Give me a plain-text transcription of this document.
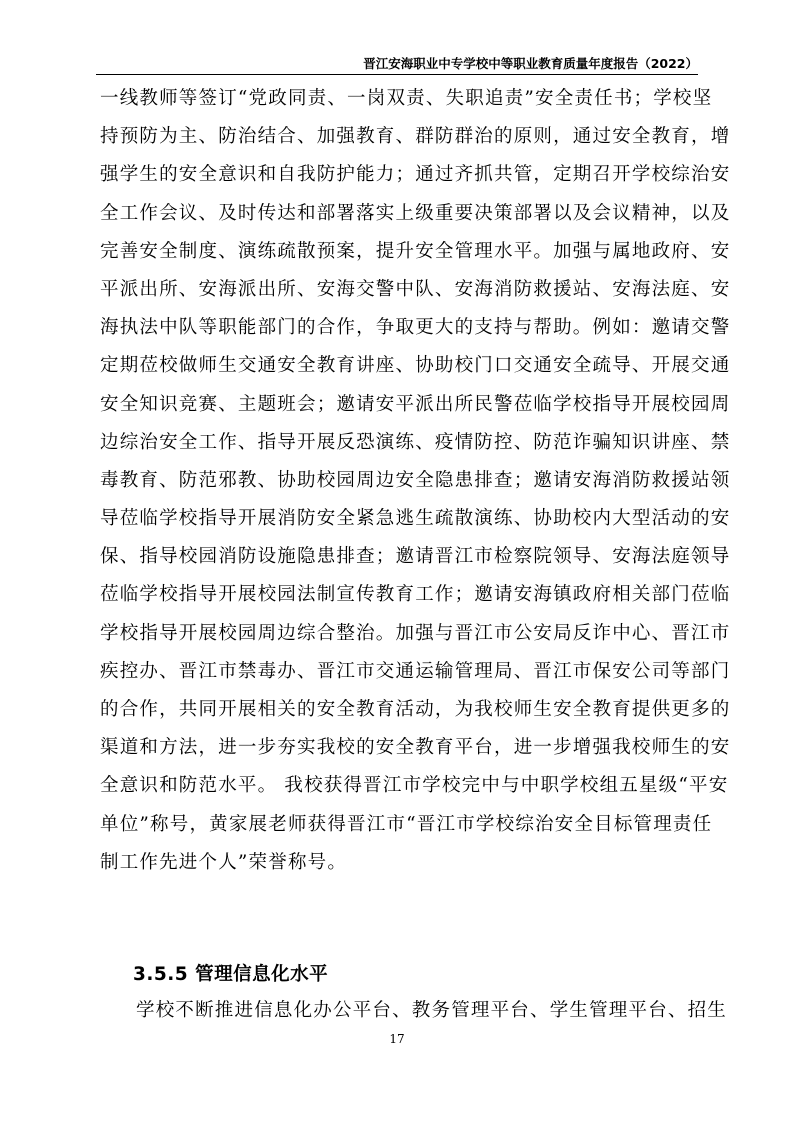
晋江安海职业中专学校中等职业教育质量年度报告（2022）
一线教师等签订“党政同责、一岗双责、失职追责”安全责任书；学校坚
持预防为主、防治结合、加强教育、群防群治的原则，通过安全教育，增
强学生的安全意识和自我防护能力；通过齐抓共管，定期召开学校综治安
全工作会议、及时传达和部署落实上级重要决策部署以及会议精神，以及
完善安全制度、演练疏散预案，提升安全管理水平。加强与属地政府、安
平派出所、安海派出所、安海交警中队、安海消防救援站、安海法庭、安
海执法中队等职能部门的合作，争取更大的支持与帮助。例如：邀请交警
定期莅校做师生交通安全教育讲座、协助校门口交通安全疏导、开展交通
安全知识竞赛、主题班会；邀请安平派出所民警莅临学校指导开展校园周
边综治安全工作、指导开展反恐演练、疫情防控、防范诈骗知识讲座、禁
毒教育、防范邪教、协助校园周边安全隐患排查；邀请安海消防救援站领
导莅临学校指导开展消防安全紧急逃生疏散演练、协助校内大型活动的安
保、指导校园消防设施隐患排查；邀请晋江市检察院领导、安海法庭领导
莅临学校指导开展校园法制宣传教育工作；邀请安海镇政府相关部门莅临
学校指导开展校园周边综合整治。加强与晋江市公安局反诈中心、晋江市
疾控办、晋江市禁毒办、晋江市交通运输管理局、晋江市保安公司等部门
的合作，共同开展相关的安全教育活动，为我校师生安全教育提供更多的
渠道和方法，进一步夯实我校的安全教育平台，进一步增强我校师生的安
全意识和防范水平。 我校获得晋江市学校完中与中职学校组五星级“平安
单位”称号，黄家展老师获得晋江市“晋江市学校综治安全目标管理责任
制工作先进个人”荣誉称号。
3.5.5 管理信息化水平
学校不断推进信息化办公平台、教务管理平台、学生管理平台、招生
17
